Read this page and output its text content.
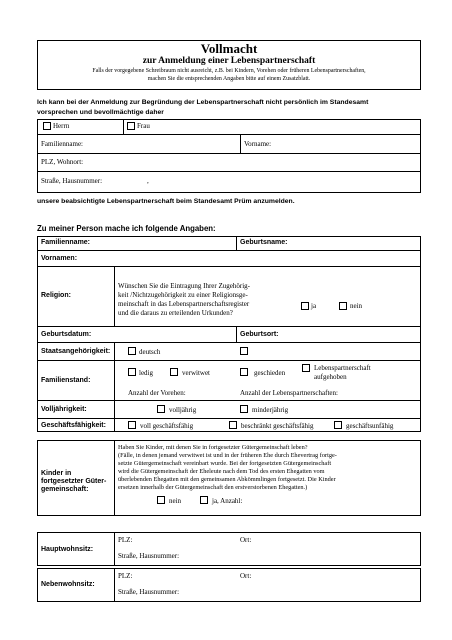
Vollmacht
zur Anmeldung einer Lebenspartnerschaft
Falls der vorgegebene Schreibraum nicht ausreicht, z.B. bei Kindern, Vorehen oder früheren Lebenspartnerschaften,
machen Sie die entsprechenden Angaben bitte auf einem Zusatzblatt.
Ich kann bei der Anmeldung zur Begründung der Lebenspartnerschaft nicht persönlich im Standesamt
vorsprechen und bevollmächtige daher
Herrn	Frau
Familienname:	Vorname:
PLZ, Wohnort:
Straße, Hausnummer:	,
unsere beabsichtigte Lebenspartnerschaft beim Standesamt Prüm anzumelden.
Zu meiner Person mache ich folgende Angaben:
Familienname:	Geburtsname:
Vornamen:
Religion:
Wünschen Sie die Eintragung Ihrer Zugehörig-
keit /Nichtzugehörigkeit zu einer Religionsge-
meinschaft in das Lebenspartnerschaftsregister
und die daraus zu erteilenden Urkunden?
ja	nein
Geburtsdatum:	Geburtsort:
Staatsangehörigkeit:	deutsch
Familienstand:
ledig	verwitwet	geschieden
Lebenspartnerschaft
aufgehoben
Anzahl der Vorehen:	Anzahl der Lebenspartnerschaften:
Volljährigkeit:	volljährig	minderjährig
Geschäftsfähigkeit:	voll geschäftsfähig	beschränkt geschäftsfähig	geschäftsunfähig
Kinder in
fortgesetzter Güter-
gemeinschaft:
Haben Sie Kinder, mit denen Sie in fortgesetzter Gütergemeinschaft leben?
(Fälle, in denen jemand verwitwet ist und in der früheren Ehe durch Ehevertrag fortge-
setzte Gütergemeinschaft vereinbart wurde. Bei der fortgesetzten Gütergemeinschaft
wird die Gütergemeinschaft der Eheleute nach dem Tod des ersten Ehegatten vom
überlebenden Ehegatten mit den gemeinsamen Abkömmlingen fortgesetzt. Die Kinder
ersetzen innerhalb der Gütergemeinschaft den erstverstorbenen Ehegatten.)
nein	ja, Anzahl:
Hauptwohnsitz:
PLZ:	Ort:
Straße, Hausnummer:
Nebenwohnsitz:
PLZ:	Ort:
Straße, Hausnummer:
